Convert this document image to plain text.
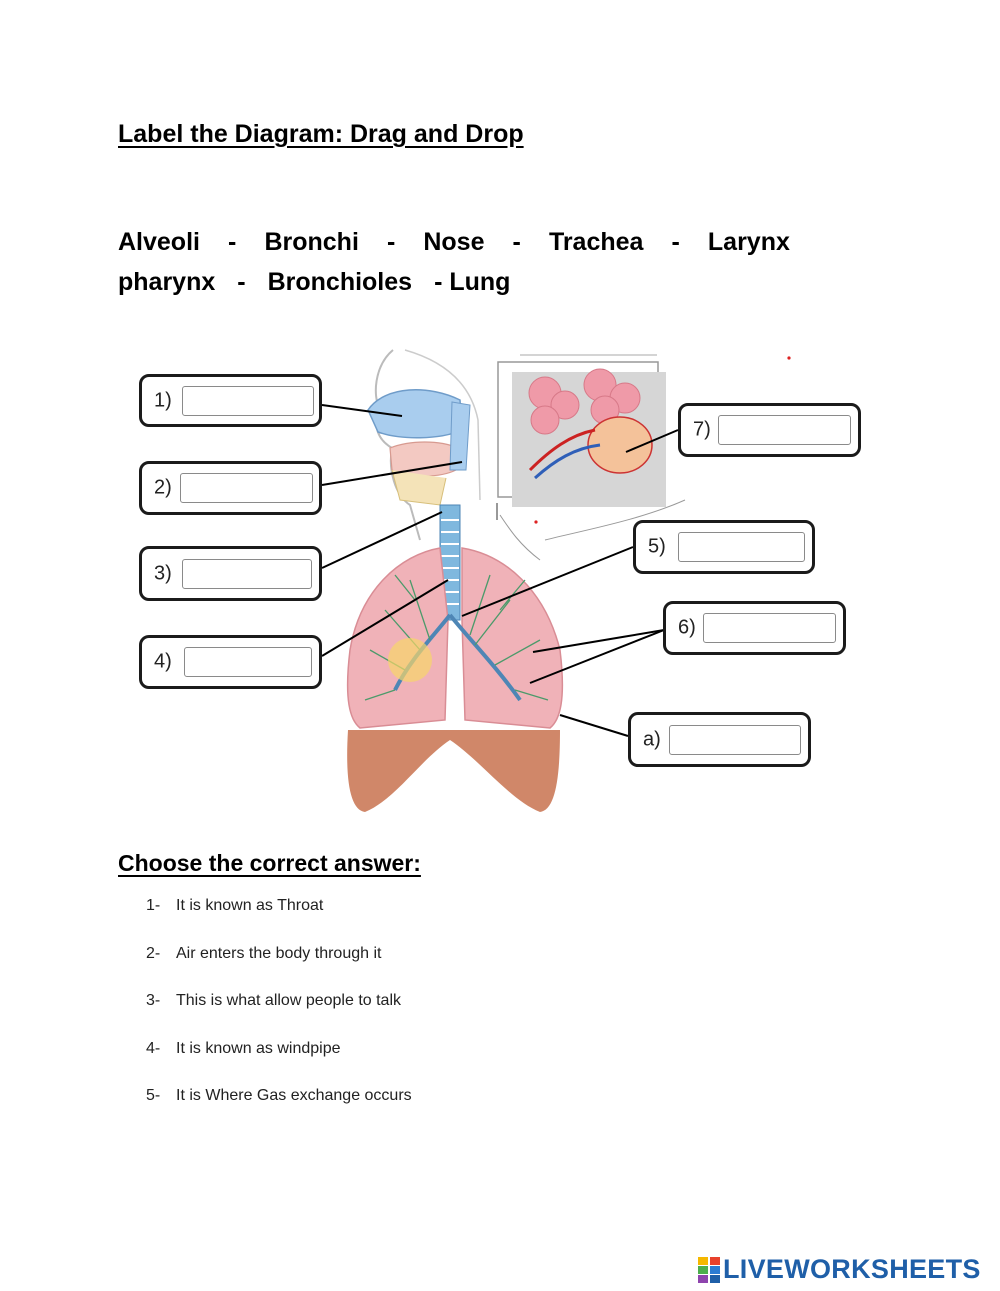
Label the Diagram: Drag and Drop
Alveoli - Bronchi - Nose - Trachea - Larynx
pharynx - Bronchioles - Lung
1)
2)
3)
4)
5)
6)
7)
a)
Choose the correct answer:
1- It is known as Throat
2- Air enters the body through it
3- This is what allow people to talk
4- It is known as windpipe
5- It is Where Gas exchange occurs
LIVEWORKSHEETS
